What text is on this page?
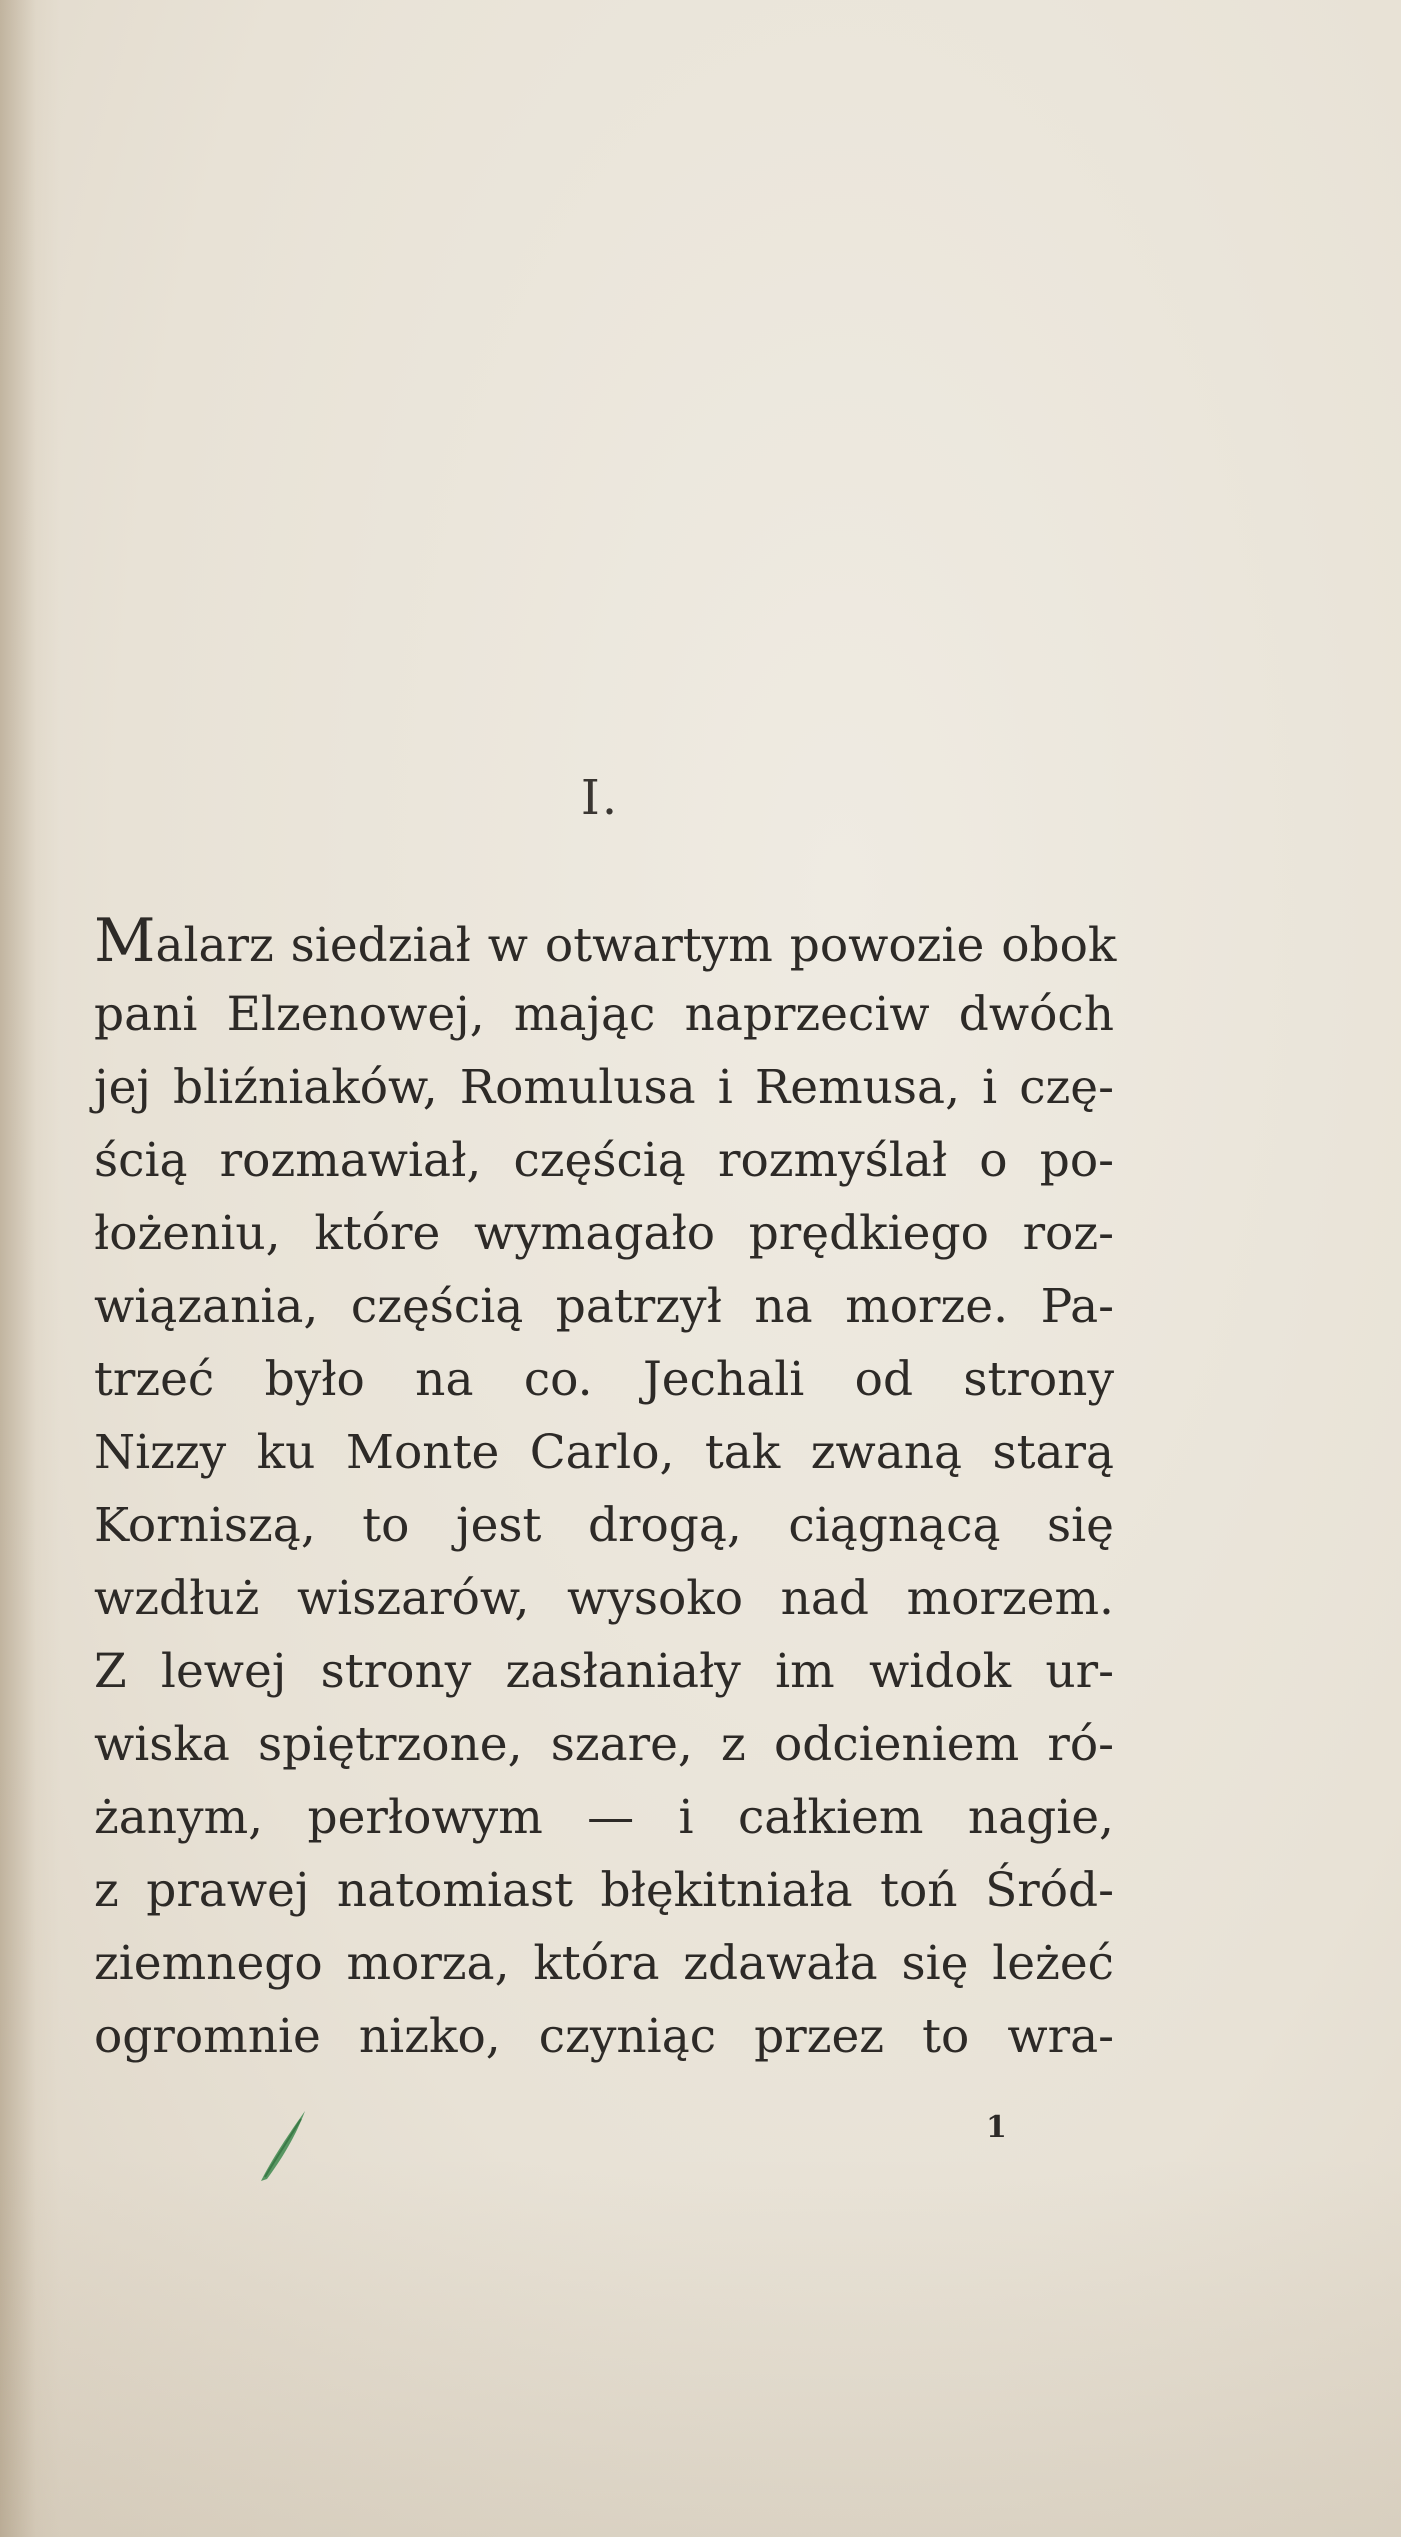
I.
Malarz siedział w otwartym powozie obok
pani Elzenowej, mając naprzeciw dwóch
jej bliźniaków, Romulusa i Remusa, i czę-
ścią rozmawiał, częścią rozmyślał o po-
łożeniu, które wymagało prędkiego roz-
wiązania, częścią patrzył na morze. Pa-
trzeć było na co. Jechali od strony
Nizzy ku Monte Carlo, tak zwaną starą
Korniszą, to jest drogą, ciągnącą się
wzdłuż wiszarów, wysoko nad morzem.
Z lewej strony zasłaniały im widok ur-
wiska spiętrzone, szare, z odcieniem ró-
żanym, perłowym — i całkiem nagie,
z prawej natomiast błękitniała toń Śród-
ziemnego morza, która zdawała się leżeć
ogromnie nizko, czyniąc przez to wra-
1
